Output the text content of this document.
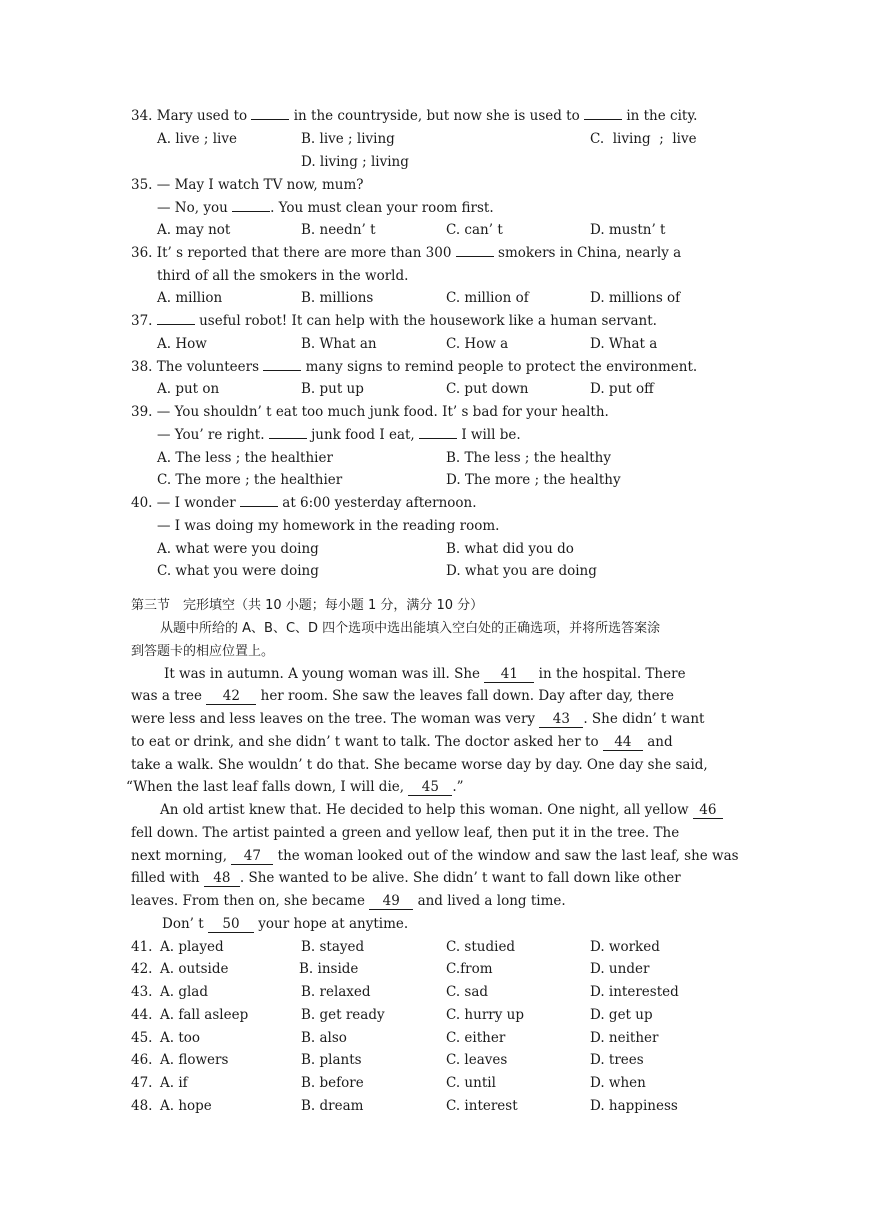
34. Mary used to	in the countryside, but now she is used to	in the city.
A. live ; live	B. live ; living	C.  living  ;  live
D. living ; living
35. — May I watch TV now, mum?
— No, you	. You must clean your room first.
A. may not	B. needn’ t	C. can’ t	D. mustn’ t
36. It’ s reported that there are more than 300	smokers in China, nearly a
third of all the smokers in the world.
A. million	B. millions	C. million of	D. millions of
37.	useful robot! It can help with the housework like a human servant.
A. How	B. What an	C. How a	D. What a
38. The volunteers	many signs to remind people to protect the environment.
A. put on	B. put up	C. put down	D. put off
39. — You shouldn’ t eat too much junk food. It’ s bad for your health.
— You’ re right.	junk food I eat,	I will be.
A. The less ; the healthier	B. The less ; the healthy
C. The more ; the healthier	D. The more ; the healthy
40. — I wonder	at 6:00 yesterday afternoon.
— I was doing my homework in the reading room.
A. what were you doing	B. what did you do
C. what you were doing	D. what you are doing
第三节　完形填空（共 10 小题；每小题 1 分，满分 10 分）
从题中所给的 A、B、C、D 四个选项中选出能填入空白处的正确选项，并将所选答案涂
到答题卡的相应位置上。
It was in autumn. A young woman was ill. She 41 in the hospital. There
was a tree 42 her room. She saw the leaves fall down. Day after day, there
were less and less leaves on the tree. The woman was very 43 . She didn’ t want
to eat or drink, and she didn’ t want to talk. The doctor asked her to 44 and
take a walk. She wouldn’ t do that. She became worse day by day. One day she said,
“When the last leaf falls down, I will die, 45 .”
An old artist knew that. He decided to help this woman. One night, all yellow 46
fell down. The artist painted a green and yellow leaf, then put it in the tree. The
next morning, 47 the woman looked out of the window and saw the last leaf, she was
filled with 48 . She wanted to be alive. She didn’ t want to fall down like other
leaves. From then on, she became 49 and lived a long time.
Don’ t 50 your hope at anytime.
41. A. played	B. stayed	C. studied	D. worked
42. A. outside	B. inside	C.from	D. under
43. A. glad	B. relaxed	C. sad	D. interested
44. A. fall asleep	B. get ready	C. hurry up	D. get up
45. A. too	B. also	C. either	D. neither
46. A. flowers	B. plants	C. leaves	D. trees
47. A. if	B. before	C. until	D. when
48. A. hope	B. dream	C. interest	D. happiness
